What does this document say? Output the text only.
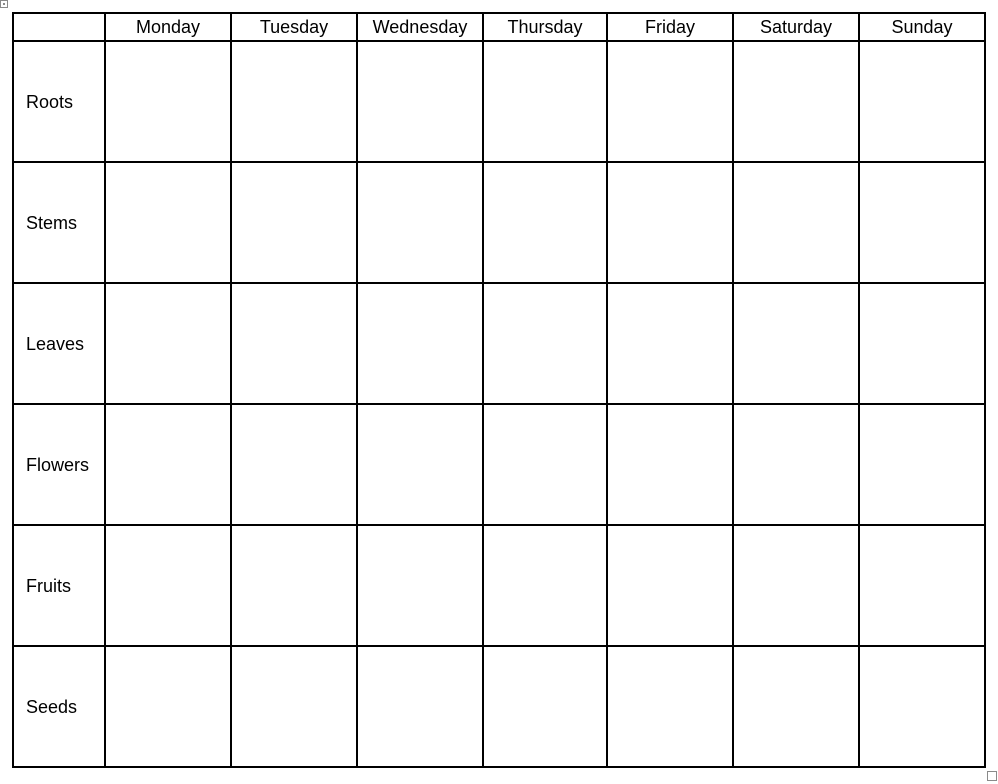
	Monday	Tuesday	Wednesday	Thursday	Friday	Saturday	Sunday
Roots							
Stems							
Leaves							
Flowers							
Fruits							
Seeds							
